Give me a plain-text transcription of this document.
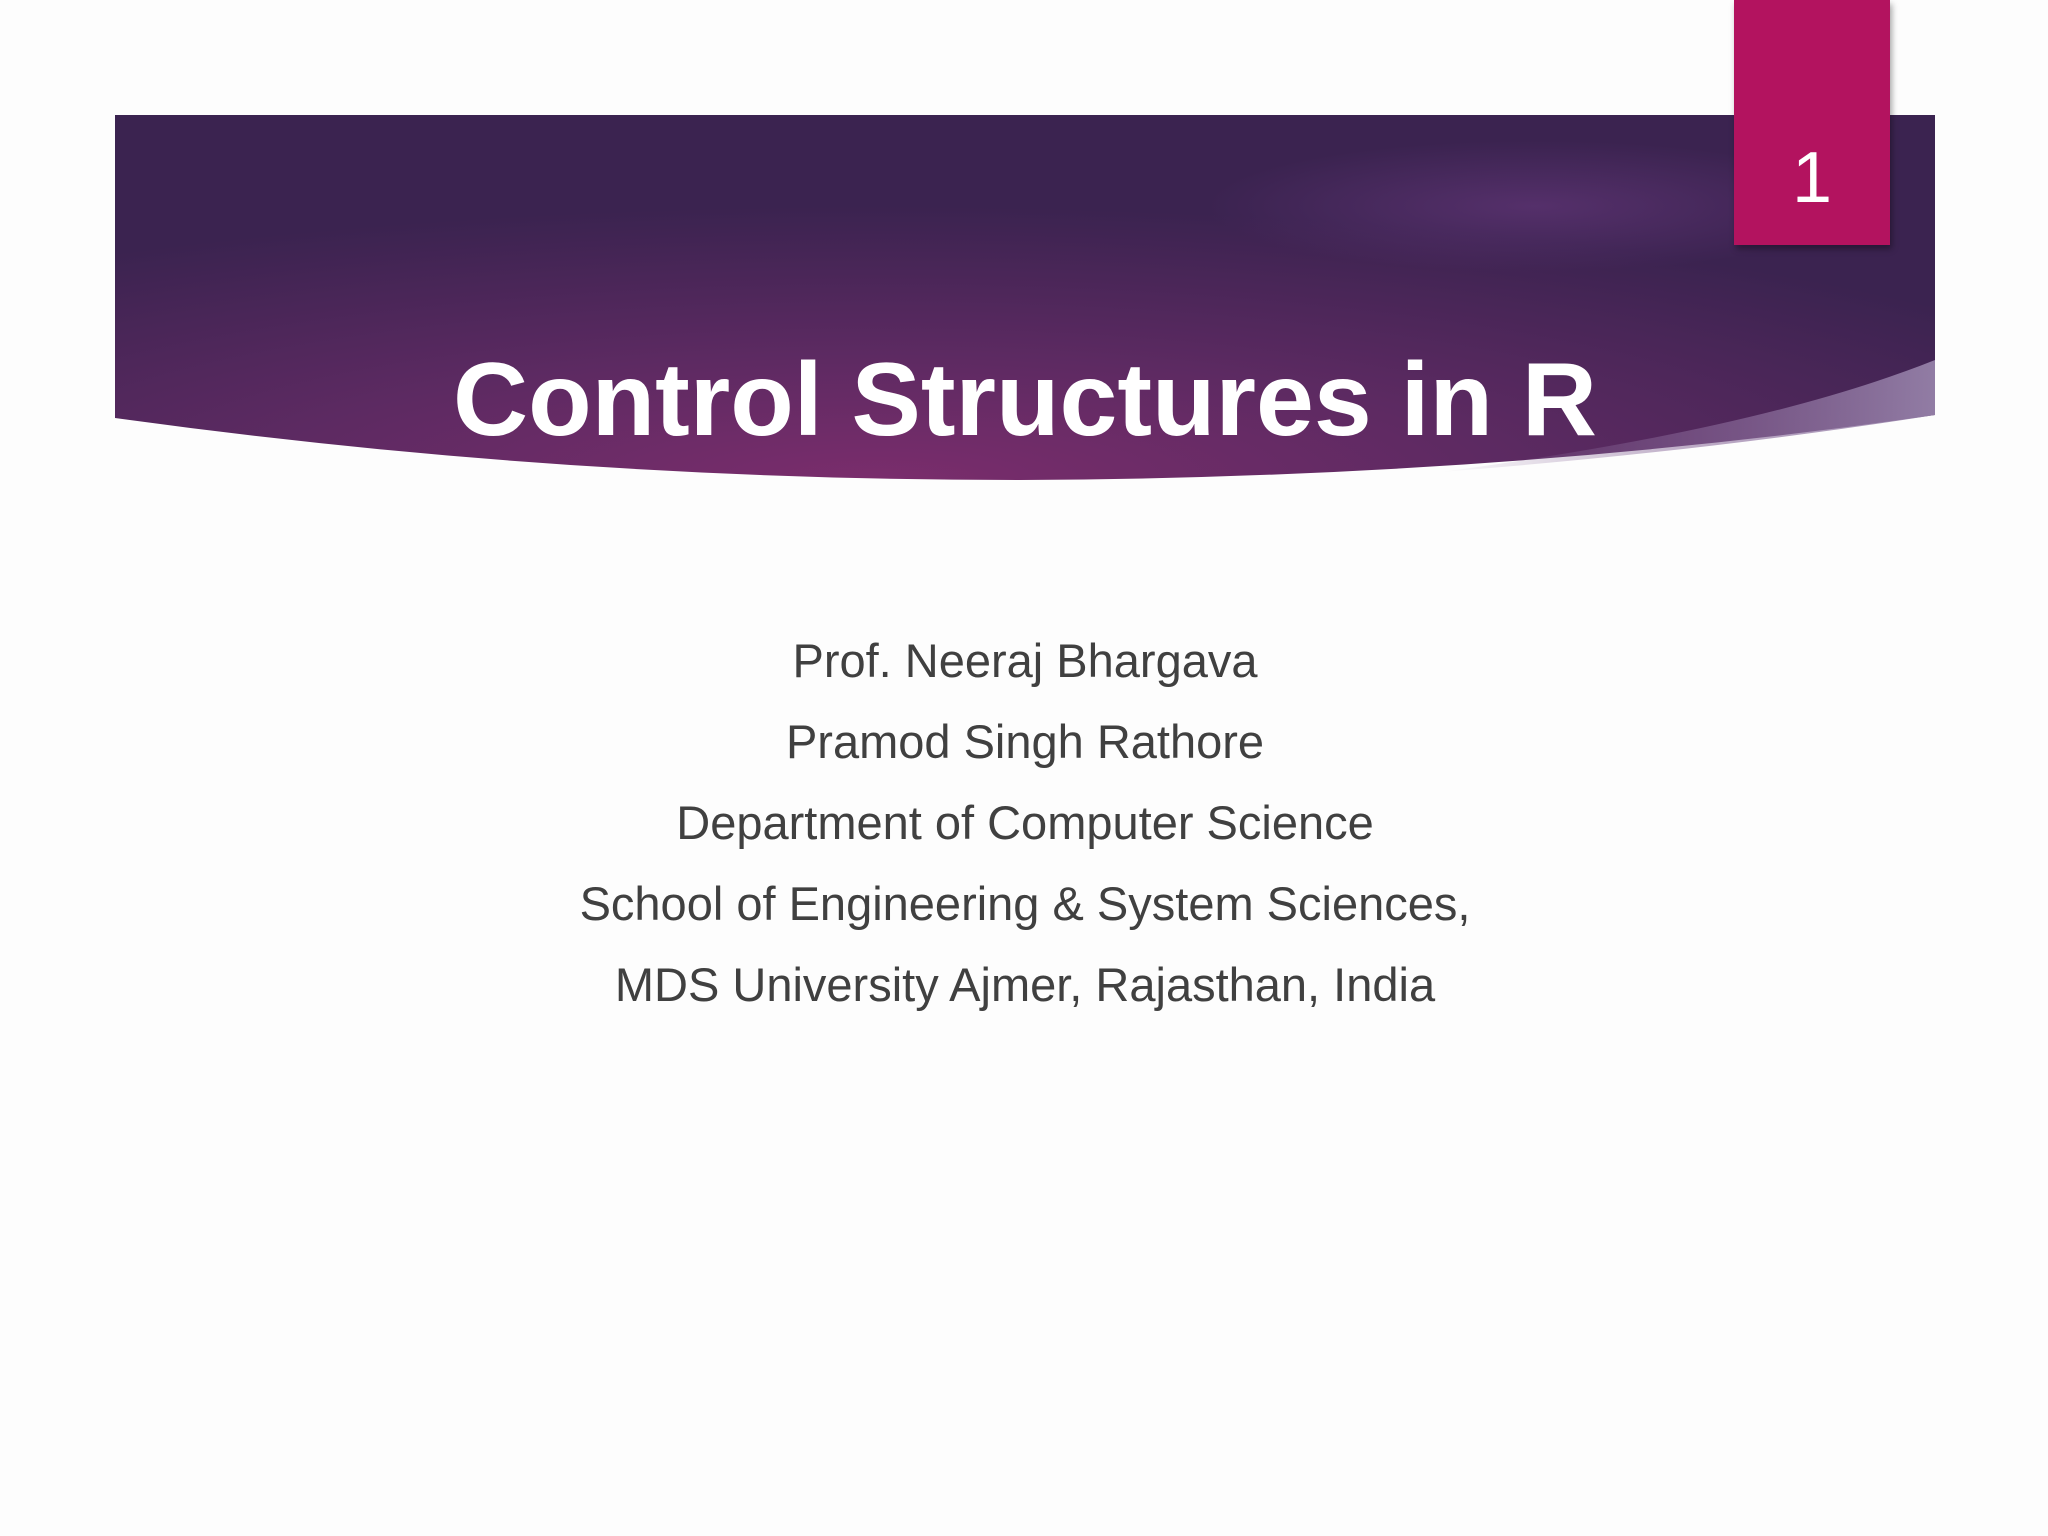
1
Control Structures in R
Prof. Neeraj Bhargava
Pramod Singh Rathore
Department of Computer Science
School of Engineering & System Sciences,
MDS University Ajmer, Rajasthan, India
